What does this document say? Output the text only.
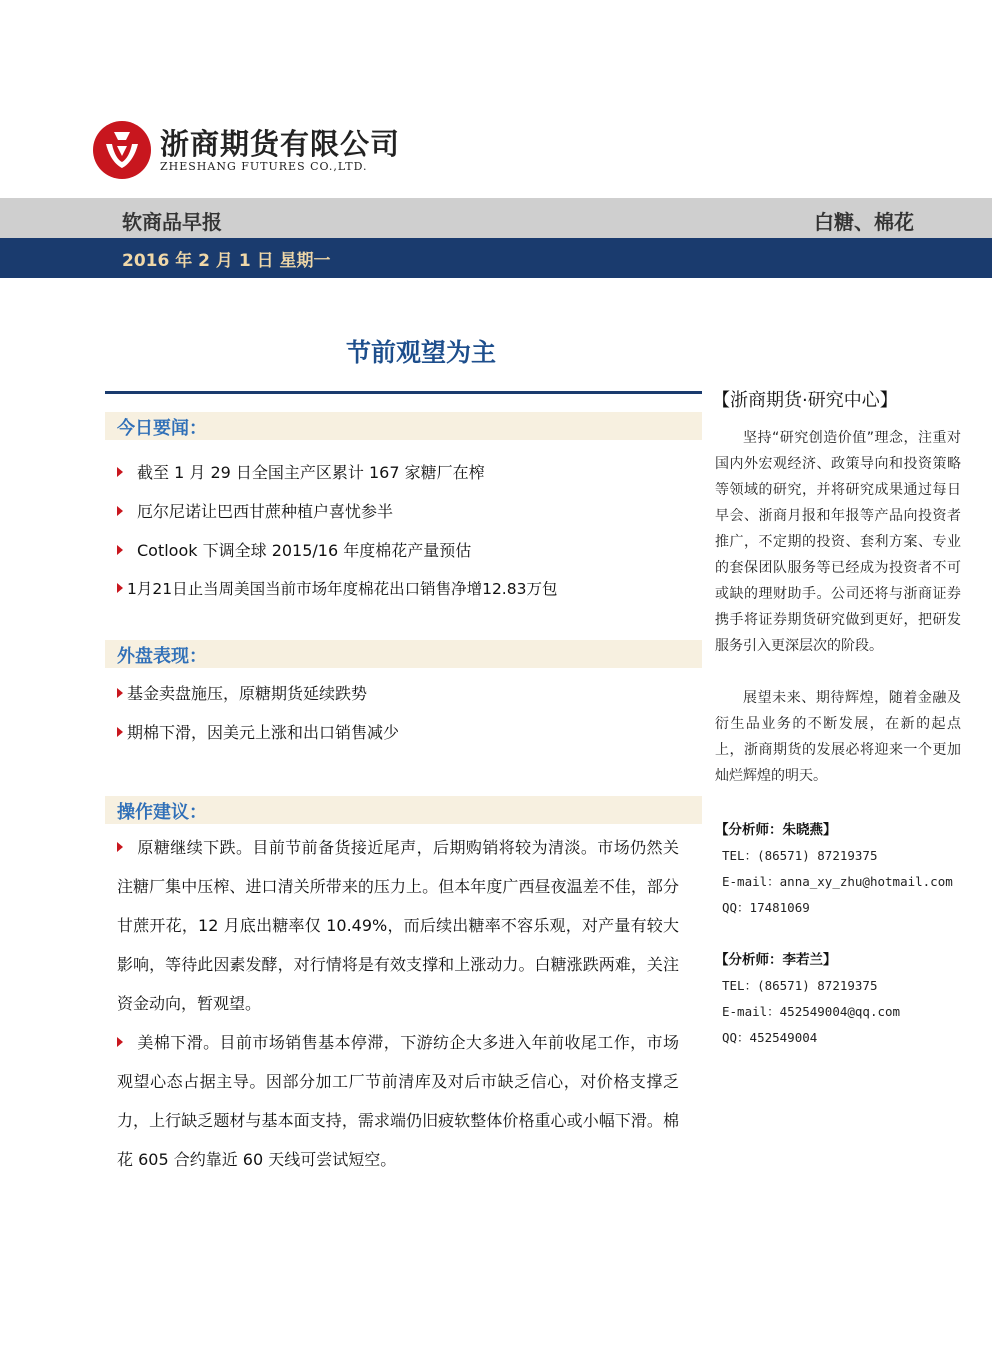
浙商期货有限公司
ZHESHANG FUTURES CO.,LTD.
软商品早报	白糖、棉花
2016 年 2 月 1 日 星期一
节前观望为主
今日要闻：
截至 1 月 29 日全国主产区累计 167 家糖厂在榨
厄尔尼诺让巴西甘蔗种植户喜忧参半
Cotlook 下调全球 2015/16 年度棉花产量预估
1月21日止当周美国当前市场年度棉花出口销售净增12.83万包
外盘表现：
基金卖盘施压，原糖期货延续跌势
期棉下滑，因美元上涨和出口销售减少
操作建议：
原糖继续下跌。目前节前备货接近尾声，后期购销将较为清淡。市场仍然关注糖厂集中压榨、进口清关所带来的压力上。但本年度广西昼夜温差不佳，部分甘蔗开花，12 月底出糖率仅 10.49%，而后续出糖率不容乐观，对产量有较大影响，等待此因素发酵，对行情将是有效支撑和上涨动力。白糖涨跌两难，关注资金动向，暂观望。
美棉下滑。目前市场销售基本停滞，下游纺企大多进入年前收尾工作，市场观望心态占据主导。因部分加工厂节前清库及对后市缺乏信心，对价格支撑乏力，上行缺乏题材与基本面支持，需求端仍旧疲软整体价格重心或小幅下滑。棉花 605 合约靠近 60 天线可尝试短空。
【浙商期货·研究中心】
坚持“研究创造价值”理念，注重对国内外宏观经济、政策导向和投资策略等领域的研究，并将研究成果通过每日早会、浙商月报和年报等产品向投资者推广，不定期的投资、套利方案、专业的套保团队服务等已经成为投资者不可或缺的理财助手。公司还将与浙商证券携手将证券期货研究做到更好，把研发服务引入更深层次的阶段。
展望未来、期待辉煌，随着金融及衍生品业务的不断发展，在新的起点上，浙商期货的发展必将迎来一个更加灿烂辉煌的明天。
【分析师：朱晓燕】
TEL：(86571) 87219375
E-mail：anna_xy_zhu@hotmail.com
QQ：17481069
【分析师：李若兰】
TEL：(86571) 87219375
E-mail：452549004@qq.com
QQ：452549004
